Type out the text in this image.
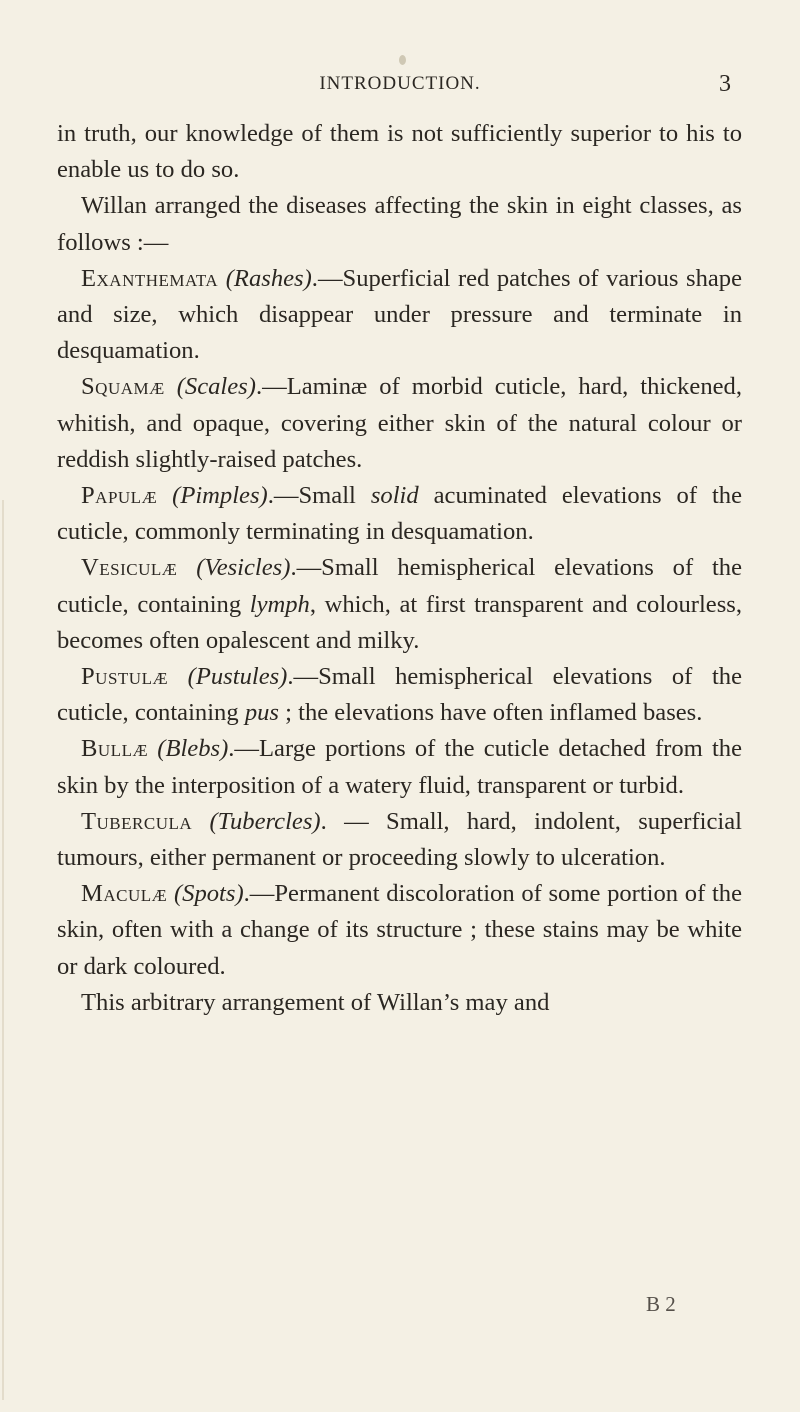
INTRODUCTION.	3

in truth, our knowledge of them is not sufficiently superior to his to enable us to do so.

Willan arranged the diseases affecting the skin in eight classes, as follows :—

Exanthemata (Rashes).—Superficial red patches of various shape and size, which disappear under pressure and terminate in desquamation.

Squamæ (Scales).—Laminæ of morbid cuticle, hard, thickened, whitish, and opaque, covering either skin of the natural colour or reddish slightly-raised patches.

Papulæ (Pimples).—Small solid acuminated elevations of the cuticle, commonly terminating in desquamation.

Vesiculæ (Vesicles).—Small hemispherical elevations of the cuticle, containing lymph, which, at first transparent and colourless, becomes often opalescent and milky.

Pustulæ (Pustules).—Small hemispherical elevations of the cuticle, containing pus ; the elevations have often inflamed bases.

Bullæ (Blebs).—Large portions of the cuticle detached from the skin by the interposition of a watery fluid, transparent or turbid.

Tubercula (Tubercles). — Small, hard, indolent, superficial tumours, either permanent or proceeding slowly to ulceration.

Maculæ (Spots).—Permanent discoloration of some portion of the skin, often with a change of its structure ; these stains may be white or dark coloured.

This arbitrary arrangement of Willan’s may and

B 2
